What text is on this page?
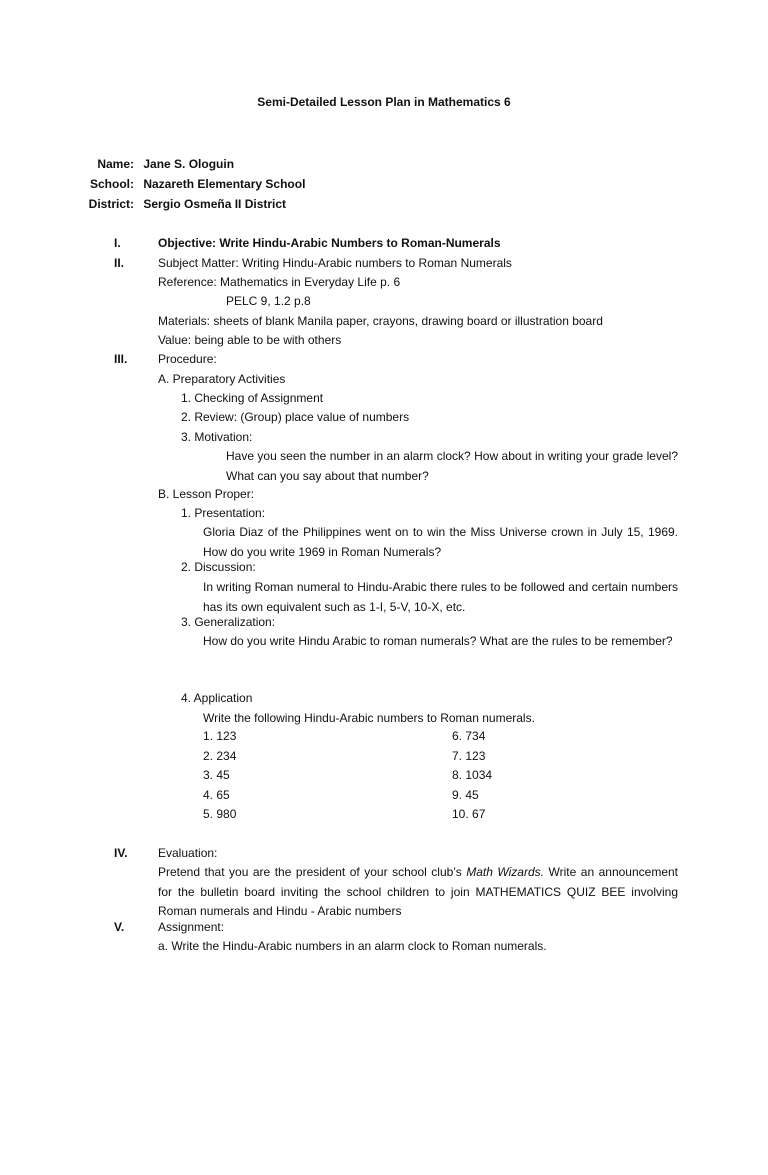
Semi-Detailed Lesson Plan in Mathematics 6
Name: Jane S. Ologuin
School: Nazareth Elementary School
District: Sergio Osmeña II District
I.	Objective: Write Hindu-Arabic Numbers to Roman-Numerals
II.	Subject Matter: Writing Hindu-Arabic numbers to Roman Numerals
Reference: Mathematics in Everyday Life p. 6
PELC 9, 1.2 p.8
Materials: sheets of blank Manila paper, crayons, drawing board or illustration board
Value: being able to be with others
III.	Procedure:
A. Preparatory Activities
1. Checking of Assignment
2. Review: (Group) place value of numbers
3. Motivation:
Have you seen the number in an alarm clock? How about in writing your grade level? What can you say about that number?
B. Lesson Proper:
1. Presentation:
Gloria Diaz of the Philippines went on to win the Miss Universe crown in July 15, 1969. How do you write 1969 in Roman Numerals?
2. Discussion:
In writing Roman numeral to Hindu-Arabic there rules to be followed and certain numbers has its own equivalent such as 1-I, 5-V, 10-X, etc.
3. Generalization:
How do you write Hindu Arabic to roman numerals? What are the rules to be remember?
4. Application
Write the following Hindu-Arabic numbers to Roman numerals.
1. 123
2. 234
3. 45
4. 65
5. 980
6. 734
7. 123
8. 1034
9. 45
10. 67
IV.	Evaluation:
Pretend that you are the president of your school club’s Math Wizards. Write an announcement for the bulletin board inviting the school children to join MATHEMATICS QUIZ BEE involving Roman numerals and Hindu - Arabic numbers
V.	Assignment:
a. Write the Hindu-Arabic numbers in an alarm clock to Roman numerals.
